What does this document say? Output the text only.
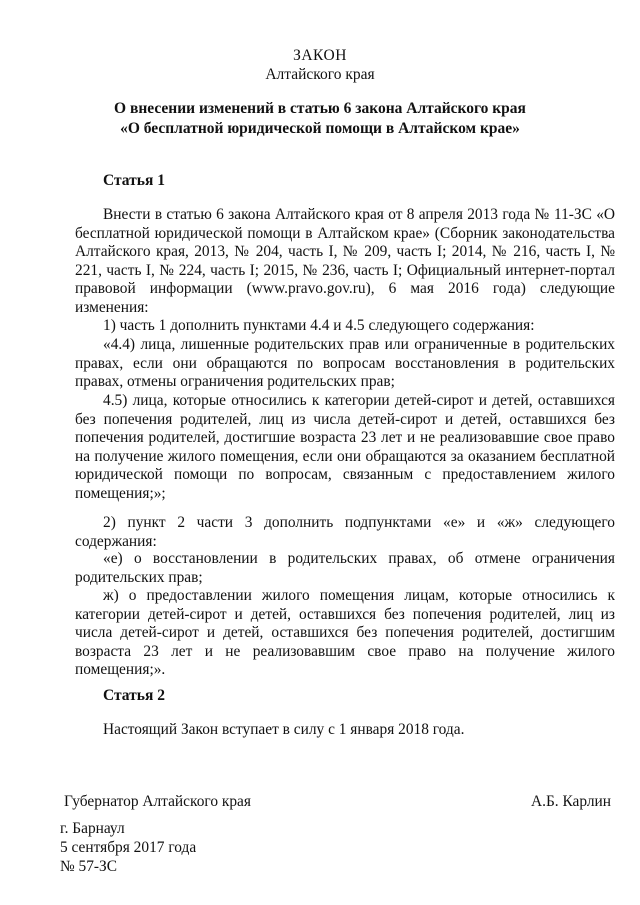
ЗАКОН
Алтайского края
О внесении изменений в статью 6 закона Алтайского края
«О бесплатной юридической помощи в Алтайском крае»
Статья 1

Внести в статью 6 закона Алтайского края от 8 апреля 2013 года № 11-ЗС «О бесплатной юридической помощи в Алтайском крае» (Сборник законодательства Алтайского края, 2013, № 204, часть I, № 209, часть I; 2014, № 216, часть I, № 221, часть I, № 224, часть I; 2015, № 236, часть I; Официальный интернет-портал правовой информации (www.pravo.gov.ru), 6 мая 2016 года) следующие изменения:

1) часть 1 дополнить пунктами 4.4 и 4.5 следующего содержания:

«4.4) лица, лишенные родительских прав или ограниченные в родительских правах, если они обращаются по вопросам восстановления в родительских правах, отмены ограничения родительских прав;

4.5) лица, которые относились к категории детей-сирот и детей, оставшихся без попечения родителей, лиц из числа детей-сирот и детей, оставшихся без попечения родителей, достигшие возраста 23 лет и не реализовавшие свое право на получение жилого помещения, если они обращаются за оказанием бесплатной юридической помощи по вопросам, связанным с предоставлением жилого помещения;»;

2) пункт 2 части 3 дополнить подпунктами «е» и «ж» следующего содержания:

«е) о восстановлении в родительских правах, об отмене ограничения родительских прав;

ж) о предоставлении жилого помещения лицам, которые относились к категории детей-сирот и детей, оставшихся без попечения родителей, лиц из числа детей-сирот и детей, оставшихся без попечения родителей, достигшим возраста 23 лет и не реализовавшим свое право на получение жилого помещения;».

Статья 2
Настоящий Закон вступает в силу с 1 января 2018 года.
Губернатор Алтайского края	А.Б. Карлин
г. Барнаул
5 сентября 2017 года
№ 57-ЗС
